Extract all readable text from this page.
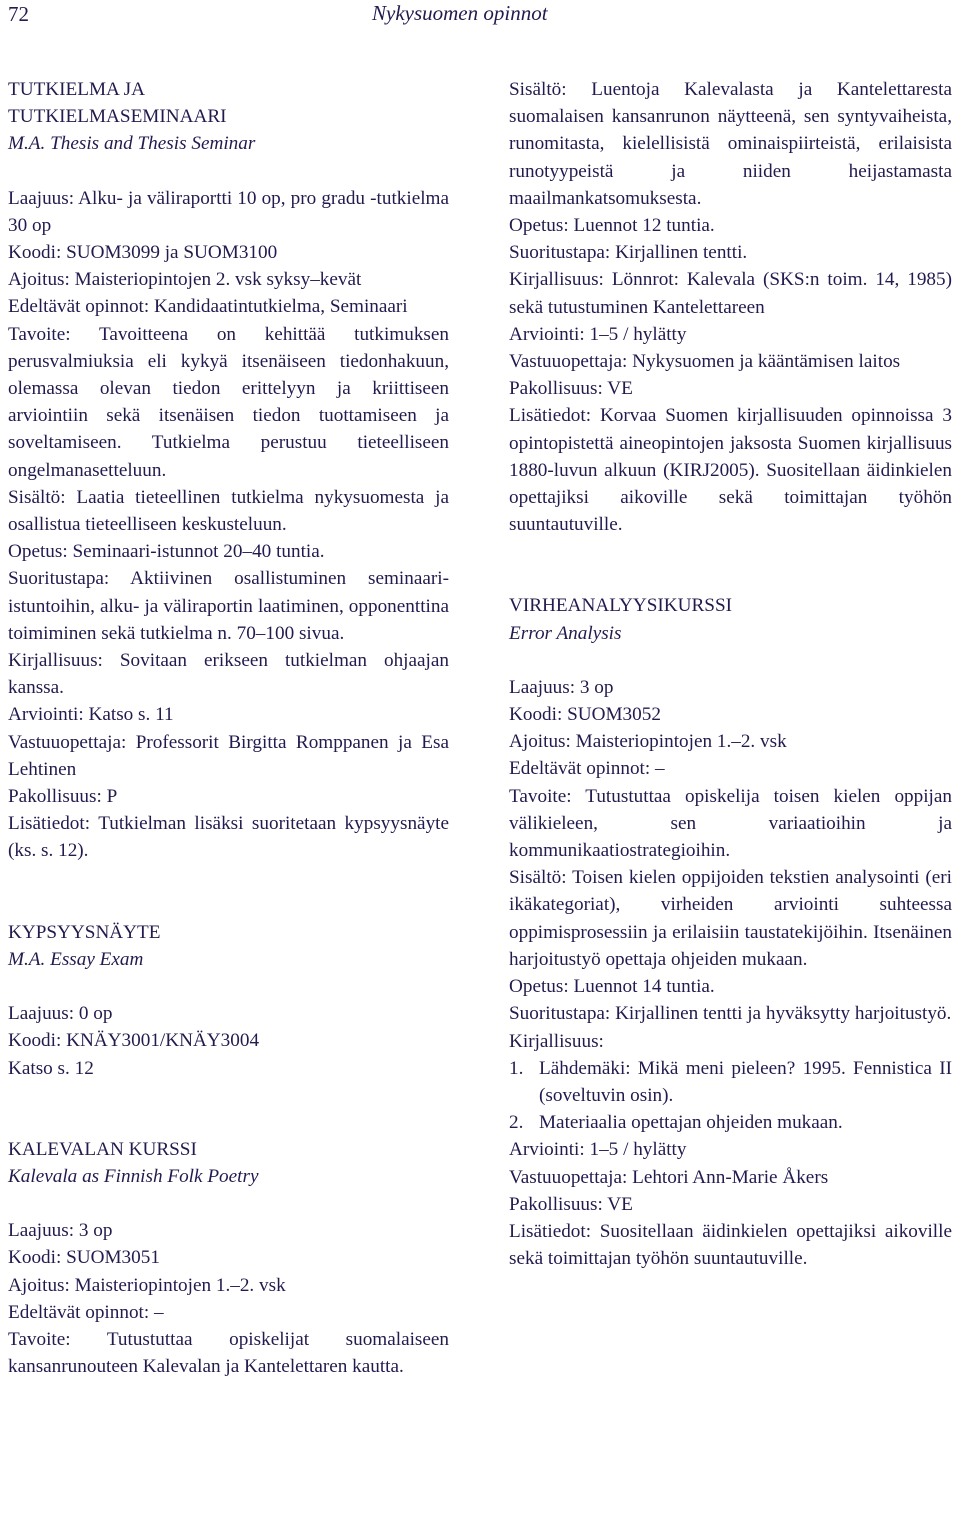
72	Nykysuomen opinnot
TUTKIELMA JA
TUTKIELMASEMINAARI
M.A. Thesis and Thesis Seminar

Laajuus: Alku- ja väliraportti 10 op, pro gradu -tutkielma 30 op

Koodi: SUOM3099 ja SUOM3100

Ajoitus: Maisteriopintojen 2. vsk syksy–kevät

Edeltävät opinnot: Kandidaatintutkielma, Seminaari

Tavoite: Tavoitteena on kehittää tutkimuksen perusvalmiuksia eli kykyä itsenäiseen tiedonhakuun, olemassa olevan tiedon erittelyyn ja kriittiseen arviointiin sekä itsenäisen tiedon tuottamiseen ja soveltamiseen. Tutkielma perustuu tieteelliseen ongelmanasetteluun.

Sisältö: Laatia tieteellinen tutkielma nykysuomesta ja osallistua tieteelliseen keskusteluun.

Opetus: Seminaari-istunnot 20–40 tuntia.

Suoritustapa: Aktiivinen osallistuminen seminaari-istuntoihin, alku- ja väliraportin laatiminen, opponenttina toimiminen sekä tutkielma n. 70–100 sivua.

Kirjallisuus: Sovitaan erikseen tutkielman ohjaajan kanssa.

Arviointi: Katso s. 11

Vastuuopettaja: Professorit Birgitta Romppanen ja Esa Lehtinen

Pakollisuus: P

Lisätiedot: Tutkielman lisäksi suoritetaan kypsyysnäyte (ks. s. 12).

KYPSYYSNÄYTE
M.A. Essay Exam

Laajuus: 0 op

Koodi: KNÄY3001/KNÄY3004

Katso s. 12

KALEVALAN KURSSI
Kalevala as Finnish Folk Poetry

Laajuus: 3 op

Koodi: SUOM3051

Ajoitus: Maisteriopintojen 1.–2. vsk

Edeltävät opinnot: –

Tavoite: Tutustuttaa opiskelijat suomalaiseen kansanrunouteen Kalevalan ja Kantelettaren kautta.

Sisältö: Luentoja Kalevalasta ja Kantelettaresta suomalaisen kansanrunon näytteenä, sen syntyvaiheista, runomitasta, kielellisistä ominaispiirteistä, erilaisista runotyypeistä ja niiden heijastamasta maailmankatsomuksesta.

Opetus: Luennot 12 tuntia.

Suoritustapa: Kirjallinen tentti.

Kirjallisuus: Lönnrot: Kalevala (SKS:n toim. 14, 1985) sekä tutustuminen Kantelettareen

Arviointi: 1–5 / hylätty

Vastuuopettaja: Nykysuomen ja kääntämisen laitos

Pakollisuus: VE

Lisätiedot: Korvaa Suomen kirjallisuuden opinnoissa 3 opintopistettä aineopintojen jaksosta Suomen kirjallisuus 1880-luvun alkuun (KIRJ2005). Suositellaan äidinkielen opettajiksi aikoville sekä toimittajan työhön suuntautuville.

VIRHEANALYYSIKURSSI
Error Analysis

Laajuus: 3 op

Koodi: SUOM3052

Ajoitus: Maisteriopintojen 1.–2. vsk

Edeltävät opinnot: –

Tavoite: Tutustuttaa opiskelija toisen kielen oppijan välikieleen, sen variaatioihin ja kommunikaatiostrategioihin.

Sisältö: Toisen kielen oppijoiden tekstien analysointi (eri ikäkategoriat), virheiden arviointi suhteessa oppimisprosessiin ja erilaisiin taustatekijöihin. Itsenäinen harjoitustyö opettaja ohjeiden mukaan.

Opetus: Luennot 14 tuntia.

Suoritustapa: Kirjallinen tentti ja hyväksytty harjoitustyö.

Kirjallisuus:

1. Lähdemäki: Mikä meni pieleen? 1995. Fennistica II (soveltuvin osin).
2. Materiaalia opettajan ohjeiden mukaan.

Arviointi: 1–5 / hylätty

Vastuuopettaja: Lehtori Ann-Marie Åkers

Pakollisuus: VE

Lisätiedot: Suositellaan äidinkielen opettajiksi aikoville sekä toimittajan työhön suuntautuville.
